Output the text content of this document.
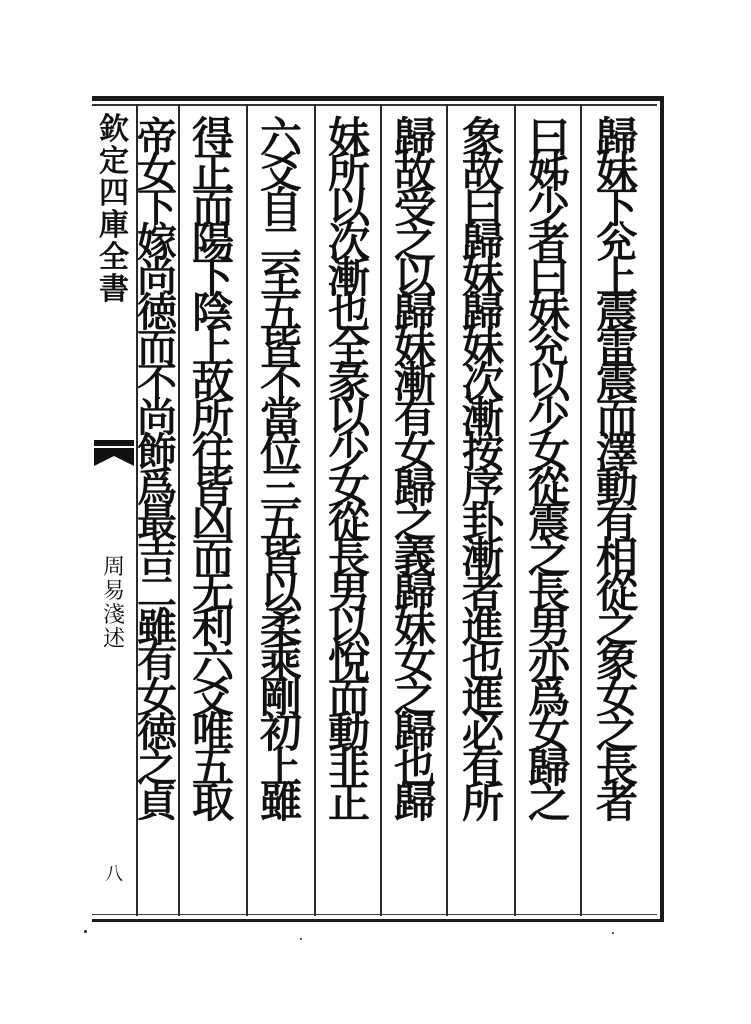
欽
定
四
庫
全
書
周
易
淺
述
八
歸
妹
下
兊
上
震
雷
震
而
澤
動
有
相
從
之
象
女
之
長
者
曰
姊
少
者
曰
妹
兊
以
少
女
從
震
之
長
男
亦
爲
女
歸
之
象
故
曰
歸
妹
歸
妹
次
漸
按
序
卦
漸
者
進
也
進
必
有
所
歸
故
受
之
以
歸
妹
漸
有
女
歸
之
義
歸
妹
女
之
歸
也
歸
妹
所
以
次
漸
也
全
彖
以
少
女
從
長
男
以
悅
而
動
非
正
六
爻
自
二
至
五
皆
不
當
位
三
五
皆
以
柔
乘
剛
初
上
雖
得
正
而
陽
下
陰
上
故
所
往
皆
凶
而
无
利
六
爻
唯
五
取
帝
女
下
嫁
尚
徳
而
不
尚
飾
爲
最
吉
二
雖
有
女
徳
之
貞
